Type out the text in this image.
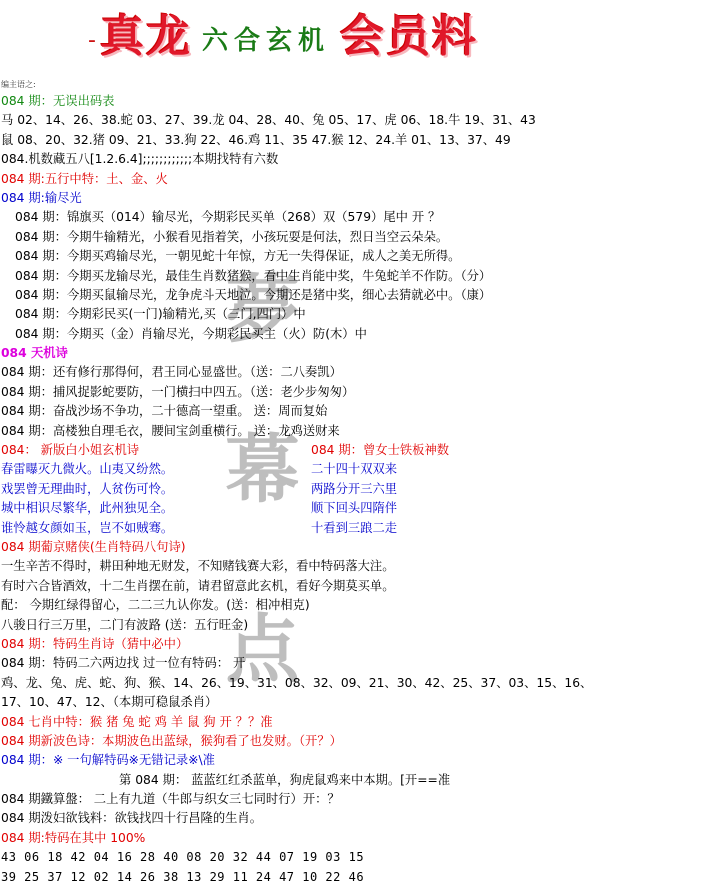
- 真龙 六合玄机 会员料
编主语之:
夢
幕
点
084 期：无误出码表
马 02、14、26、38.蛇 03、27、39.龙 04、28、40、兔 05、17、虎 06、18.牛 19、31、43
鼠 08、20、32.猪 09、21、33.狗 22、46.鸡 11、35 47.猴 12、24.羊 01、13、37、49
084.机数藏五八[1.2.6.4];;;;;;;;;;;;本期找特有六数
084 期:五行中特：土、金、火
084 期:输尽光
084 期：锦旗买（014）输尽光，今期彩民买单（268）双（579）尾中 开 ？
084 期：今期牛输精光，小猴看见指着笑，小孩玩耍是何法，烈日当空云朵朵。
084 期：今期买鸡输尽光，一朝见蛇十年惊，方无一失得保证，成人之美无所得。
084 期：今期买龙输尽光，最佳生肖数猪猴，看中生肖能中奖，牛兔蛇羊不作防。（分）
084 期：今期买鼠输尽光，龙争虎斗天地泣。今期还是猪中奖，细心去猜就必中。（康）
084 期：今期彩民买(一门)输精光,买（三门,四门）中
084 期：今期买（金）肖输尽光，今期彩民买主（火）防(木）中
084 天机诗
084 期：还有修行那得何，君王同心显盛世。（送：二八奏凯）
084 期：捕风捉影蛇要防，一门横扫中四五。（送：老少步匆匆）
084 期：奋战沙场不争功，二十德高一望重。 送：周而复始
084 期：高楼独自理毛衣，腰间宝剑重横行。 送：龙鸡送财来
084： 新版白小姐玄机诗	084 期：曾女士铁板神数
春雷曝灭九微火。山夷又纷然。	二十四十双双来
戏罢曾无理曲时，人贫伤可怜。	两路分开三六里
城中相识尽繁华，此州独见全。	顺下回头四隋伴
谁怜越女颜如玉，岂不如贼骞。	十看到三踉二走
084 期葡京赌侠(生肖特码八句诗)
一生辛苦不得时，耕田种地无财发，不知赌钱赛大彩，看中特码落大注。
有时六合皆酒效，十二生肖摆在前，请君留意此玄机，看好今期莫买单。
配： 今期红绿得留心，二二三九认你发。(送：相冲相克)
八骏日行三万里，二门有波路 (送：五行旺金)
084 期：特码生肖诗（猜中必中）
084 期：特码二六两边找 过一位有特码： 开
鸡、龙、兔、虎、蛇、狗、猴、14、26、19、31、08、32、09、21、30、42、25、37、03、15、16、
17、10、47、12、（本期可稳鼠杀肖）
084 七肖中特：猴 猪 兔 蛇 鸡 羊 鼠 狗 开 ？？准
084 期新波色诗：本期波色出蓝绿，猴狗看了也发财。（开？）
084 期：※ 一句解特码※无错记录※\准
第 084 期： 蓝蓝红红杀蓝单，狗虎鼠鸡来中本期。[开==准
084 期鐵算盤： 二上有九道（牛郎与织女三七同时行）开：？
084 期泼妇欲钱料：欲钱找四十行昌隆的生肖。
084 期:特码在其中 100%
43 06 18 42 04 16 28 40 08 20 32 44 07 19 03 15
39 25 37 12 02 14 26 38 13 29 11 24 47 10 22 46
